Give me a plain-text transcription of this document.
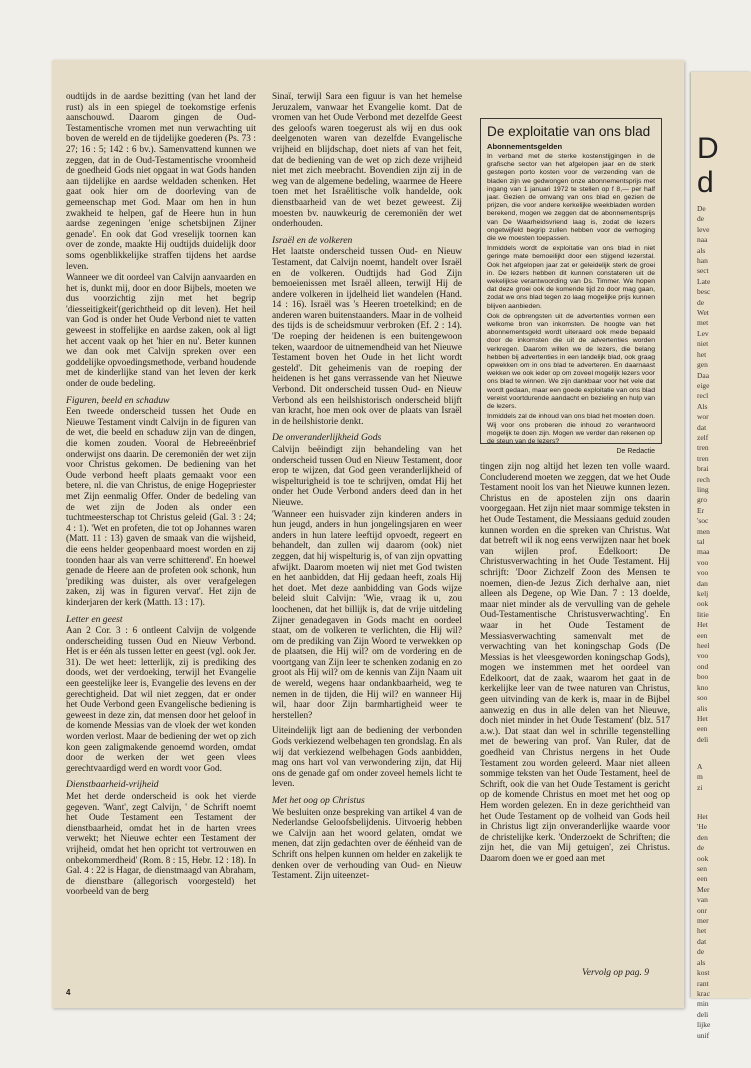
D
d
De
de
leve
naa
als
han
sect
Late
besc
de
Wet
met
Lev
niet
het
gen
Daa
eige
recl
Als
wor
dat
zelf
tren
tren
brai
rech
ling
gro
Er
'soc
men
tal
maa
voo
voo
dan
kelj
ook
litie
Het
een
heel
voo
ond
boo
kno
soo
alis
Het
een
deli
A
m
zi
Het
'He
den
de
ook
sen
een
Mer
van
onr
mer
het
dat
de
als
kost
rant
krac
min
deli
lijke
unif

oudtijds in de aardse bezitting (van het land der rust) als in een spiegel de toekomstige erfenis aanschouwd. Daarom gingen de Oud-Testamentische vromen met nun verwachting uit boven de wereld en de tijdelijke goederen (Ps. 73 : 27; 16 : 5; 142 : 6 bv.). Samenvattend kunnen we zeggen, dat in de Oud-Testamentische vroomheid de goedheid Gods niet opgaat in wat Gods handen aan tijdelijke en aardse weldaden schenken. Het gaat ook hier om de doorleving van de gemeenschap met God. Maar om hen in hun zwakheid te helpen, gaf de Heere hun in hun aardse zegeningen 'enige schetsbijnen Zijner genade'. En ook dat God vreselijk toornen kan over de zonde, maakte Hij oudtijds duidelijk door soms ogenblikkelijke straffen tijdens het aardse leven.

Wanneer we dit oordeel van Calvijn aanvaarden en het is, dunkt mij, door en door Bijbels, moeten we dus voorzichtig zijn met het begrip 'diesseitigkeit'(gerichtheid op dit leven). Het heil van God is onder het Oude Verbond niet te vatten geweest in stoffelijke en aardse zaken, ook al ligt het accent vaak op het 'hier en nu'. Beter kunnen we dan ook met Calvijn spreken over een goddelijke opvoedingsmethode, verband houdende met de kinderlijke stand van het leven der kerk onder de oude bedeling.

Figuren, beeld en schaduw

Een tweede onderscheid tussen het Oude en Nieuwe Testament vindt Calvijn in de figuren van de wet, die beeld en schaduw zijn van de dingen, die komen zouden. Vooral de Hebreeënbrief onderwijst ons daarin. De ceremoniën der wet zijn voor Christus gekomen. De bediening van het Oude verbond heeft plaats gemaakt voor een betere, nl. die van Christus, de enige Hogepriester met Zijn eenmalig Offer. Onder de bedeling van de wet zijn de Joden als onder een tuchtmeesterschap tot Christus geleid (Gal. 3 : 24; 4 : 1). 'Wet en profeten, die tot op Johannes waren (Matt. 11 : 13) gaven de smaak van die wijsheid, die eens helder geopenbaard moest worden en zij toonden haar als van verre schitterend'. En hoewel genade de Heere aan de profeten ook schonk, hun 'prediking was duister, als over verafgelegen zaken, zij was in figuren vervat'. Het zijn de kinderjaren der kerk (Matth. 13 : 17).

Letter en geest

Aan 2 Cor. 3 : 6 ontleent Calvijn de volgende onderscheiding tussen Oud en Nieuw Verbond. Het is er één als tussen letter en geest (vgl. ook Jer. 31). De wet heet: letterlijk, zij is prediking des doods, wet der verdoeking, terwijl het Evangelie een geestelijke leer is, Evangelie des levens en der gerechtigheid. Dat wil niet zeggen, dat er onder het Oude Verbond geen Evangelische bediening is geweest in deze zin, dat mensen door het geloof in de komende Messias van de vloek der wet konden worden verlost. Maar de bediening der wet op zich kon geen zaligmakende genoemd worden, omdat door de werken der wet geen vlees gerechtvaardigd werd en wordt voor God.

Dienstbaarheid-vrijheid

Met het derde onderscheid is ook het vierde gegeven. 'Want', zegt Calvijn, ' de Schrift noemt het Oude Testament een Testament der dienstbaarheid, omdat het in de harten vrees verwekt; het Nieuwe echter een Testament der vrijheid, omdat het hen opricht tot vertrouwen en onbekommerdheid' (Rom. 8 : 15, Hebr. 12 : 18). In Gal. 4 : 22 is Hagar, de dienstmaagd van Abraham, de dienstbare (allegorisch voorgesteld) het voorbeeld van de berg

Sinaï, terwijl Sara een figuur is van het hemelse Jeruzalem, vanwaar het Evangelie komt. Dat de vromen van het Oude Verbond met dezelfde Geest des geloofs waren toegerust als wij en dus ook deelgenoten waren van dezelfde Evangelische vrijheid en blijdschap, doet niets af van het feit, dat de bediening van de wet op zich deze vrijheid niet met zich meebracht. Bovendien zijn zij in de weg van de algemene bedeling, waarmee de Heere toen met het Israëlitische volk handelde, ook dienstbaarheid van de wet bezet geweest. Zij moesten bv. nauwkeurig de ceremoniën der wet onderhouden.

Israël en de volkeren

Het laatste onderscheid tussen Oud- en Nieuw Testament, dat Calvijn noemt, handelt over Israël en de volkeren. Oudtijds had God Zijn bemoeienissen met Israël alleen, terwijl Hij de andere volkeren in ijdelheid liet wandelen (Hand. 14 : 16). Israël was 's Heeren troetelkind; en de anderen waren buitenstaanders. Maar in de volheid des tijds is de scheidsmuur verbroken (Ef. 2 : 14). 'De roeping der heidenen is een buitengewoon teken, waardoor de uitnemendheid van het Nieuwe Testament boven het Oude in het licht wordt gesteld'. Dit geheimenis van de roeping der heidenen is het gans verrassende van het Nieuwe Verbond. Dit onderscheid tussen Oud- en Nieuw Verbond als een heilshistorisch onderscheid blijft van kracht, hoe men ook over de plaats van Israël in de heilshistorie denkt.

De onveranderlijkheid Gods

Calvijn beëindigt zijn behandeling van het onderscheid tussen Oud en Nieuw Testament, door erop te wijzen, dat God geen veranderlijkheid of wispelturigheid is toe te schrijven, omdat Hij het onder het Oude Verbond anders deed dan in het Nieuwe.

'Wanneer een huisvader zijn kinderen anders in hun jeugd, anders in hun jongelingsjaren en weer anders in hun latere leeftijd opvoedt, regeert en behandelt, dan zullen wij daarom (ook) niet zeggen, dat hij wispelturig is, of van zijn opvatting afwijkt. Daarom moeten wij niet met God twisten en het aanbidden, dat Hij gedaan heeft, zoals Hij het doet. Met deze aanbidding van Gods wijze beleid sluit Calvijn: 'Wie, vraag ik u, zou loochenen, dat het billijk is, dat de vrije uitdeling Zijner genadegaven in Gods macht en oordeel staat, om de volkeren te verlichten, die Hij wil? om de prediking van Zijn Woord te verwekken op de plaatsen, die Hij wil? om de vordering en de voortgang van Zijn leer te schenken zodanig en zo groot als Hij wil? om de kennis van Zijn Naam uit de wereld, wegens haar ondankbaarheid, weg te nemen in de tijden, die Hij wil? en wanneer Hij wil, haar door Zijn barmhartigheid weer te herstellen?

Uiteindelijk ligt aan de bediening der verbonden Gods verkiezend welbehagen ten grondslag. En als wij dat verkiezend welbehagen Gods aanbidden, mag ons hart vol van verwondering zijn, dat Hij ons de genade gaf om onder zoveel hemels licht te leven.

Met het oog op Christus

We besluiten onze bespreking van artikel 4 van de Nederlandse Geloofsbelijdenis. Uitvoerig hebben we Calvijn aan het woord gelaten, omdat we menen, dat zijn gedachten over de éénheid van de Schrift ons helpen kunnen om helder en zakelijk te denken over de verhouding van Oud- en Nieuw Testament. Zijn uiteenzet-

De exploitatie van ons blad
Abonnementsgelden

In verband met de sterke kostenstijgingen in de grafische sector van het afgelopen jaar en de sterk gestegen porto kosten voor de verzending van de bladen zijn we gedwongen onze abonnementsprijs met ingang van 1 januari 1972 te stellen op f 8,— per half jaar. Gezien de omvang van ons blad en gezien de prijzen, die voor andere kerkelijke weekbladen worden berekend, mogen we zeggen dat de abonnementsprijs van De Waarheidsvriend laag is, zodat de lezers ongetwijfeld begrip zullen hebben voor de verhoging die we moesten toepassen.

Inmiddels wordt de exploitatie van ons blad in niet geringe mate bemoeilijkt door een stijgend lezerstal. Ook het afgelopen jaar zat er geleidelijk sterk de groei in. De lezers hebben dit kunnen constateren uit de wekelijkse verantwoording van Ds. Timmer. We hopen dat deze groei ook de komende tijd zo door mag gaan, zodat we ons blad tegen zo laag mogelijke prijs kunnen blijven aanbieden.

Ook de opbrengsten uit de advertenties vormen een welkome bron van inkomsten. De hoogte van het abonnementsgeld wordt uiteraard ook mede bepaald door de inkomsten die uit de advertenties worden verkregen. Daarom willen we de lezers, die belang hebben bij advertenties in een landelijk blad, ook graag opwekken om in ons blad te adverteren. En daarnaast wekken we ook ieder op om zoveel mogelijk lezers voor ons blad te winnen. We zijn dankbaar voor het vele dat wordt gedaan, maar een goede exploitatie van ons blad vereist voortdurende aandacht en bezieling en hulp van de lezers.

Inmiddels zal de inhoud van ons blad het moeten doen. Wij voor ons proberen die inhoud zo verantwoord mogelijk te doen zijn. Mogen we verder dan rekenen op de steun van de lezers?

De Redactie

tingen zijn nog altijd het lezen ten volle waard. Concluderend moeten we zeggen, dat we het Oude Testament nooit los van het Nieuwe kunnen lezen. Christus en de apostelen zijn ons daarin voorgegaan. Het zijn niet maar sommige teksten in het Oude Testament, die Messiaans geduid zouden kunnen worden en die spreken van Christus. Wat dat betreft wil ik nog eens verwijzen naar het boek van wijlen prof. Edelkoort: De Christusverwachting in het Oude Testament. Hij schrijft: 'Door Zichzelf Zoon des Mensen te noemen, dien-de Jezus Zich derhalve aan, niet alleen als Degene, op Wie Dan. 7 : 13 doelde, maar niet minder als de vervulling van de gehele Oud-Testamentische Christusverwachting'. En waar in het Oude Testament de Messiasverwachting samenvalt met de verwachting van het koningschap Gods (De Messias is het vleesgeworden koningschap Gods), mogen we instemmen met het oordeel van Edelkoort, dat de zaak, waarom het gaat in de kerkelijke leer van de twee naturen van Christus, geen uitvinding van de kerk is, maar in de Bijbel aanwezig en dus in alle delen van het Nieuwe, doch niet minder in het Oude Testament' (blz. 517 a.w.). Dat staat dan wel in schrille tegenstelling met de bewering van prof. Van Ruler, dat de goedheid van Christus nergens in het Oude Testament zou worden geleerd. Maar niet alleen sommige teksten van het Oude Testament, heel de Schrift, ook die van het Oude Testament is gericht op de komende Christus en moet met het oog op Hem worden gelezen. En in deze gerichtheid van het Oude Testament op de volheid van Gods heil in Christus ligt zijn onveranderlijke waarde voor de christelijke kerk. 'Onderzoekt de Schriften; die zijn het, die van Mij getuigen', zei Christus. Daarom doen we er goed aan met

Vervolg op pag. 9
4
